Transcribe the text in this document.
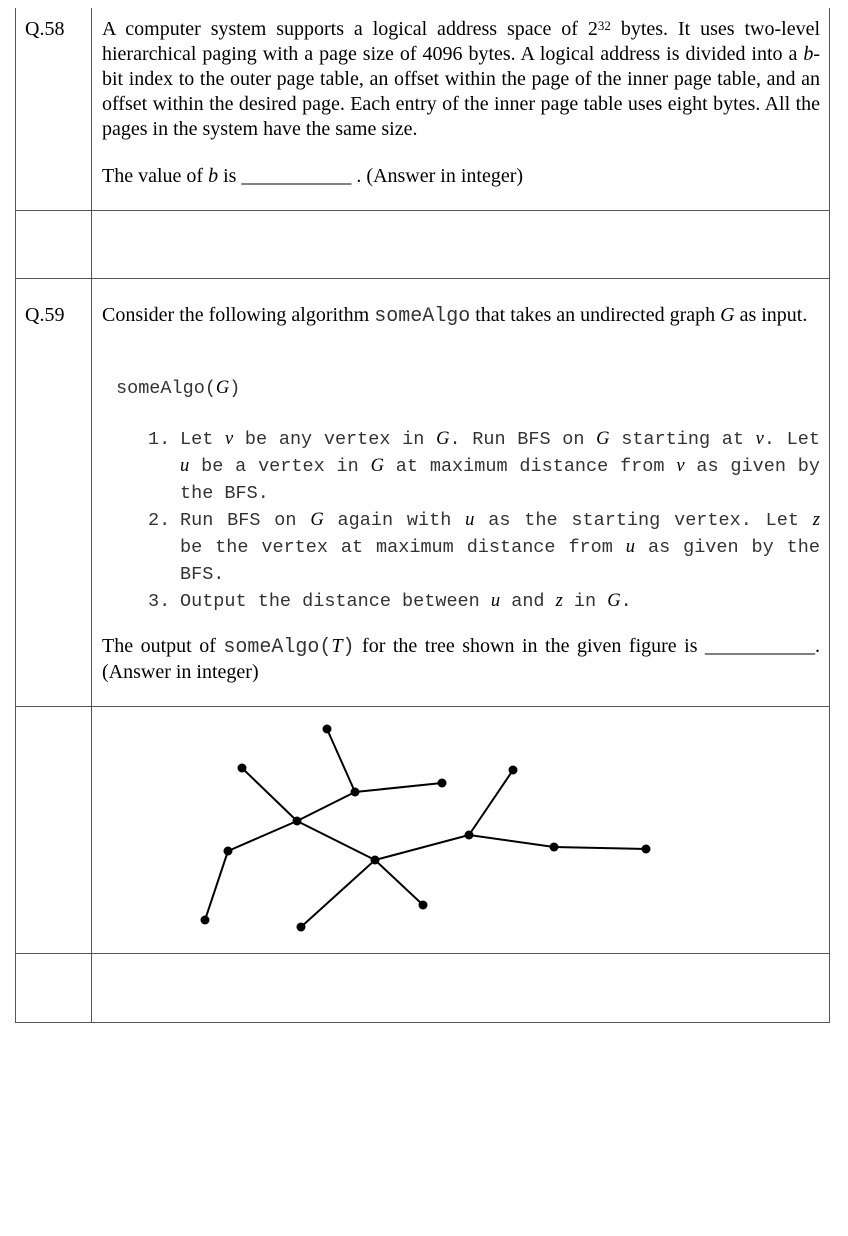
Q.58 A computer system supports a logical address space of $2^{32}$ bytes. It uses two-level hierarchical paging with a page size of 4096 bytes. A logical address is divided into a b-bit index to the outer page table, an offset within the page of the inner page table, and an offset within the desired page. Each entry of the inner page table uses eight bytes. All the pages in the system have the same size.
The value of b is ___________ . (Answer in integer)
Q.59 Consider the following algorithm someAlgo that takes an undirected graph G as input.
someAlgo(G)
1. Let v be any vertex in G. Run BFS on G starting at v. Let u be a vertex in G at maximum distance from v as given by the BFS.
2. Run BFS on G again with u as the starting vertex. Let z be the vertex at maximum distance from u as given by the BFS.
3. Output the distance between u and z in G.
The output of someAlgo(T) for the tree shown in the given figure is ___________. (Answer in integer)
